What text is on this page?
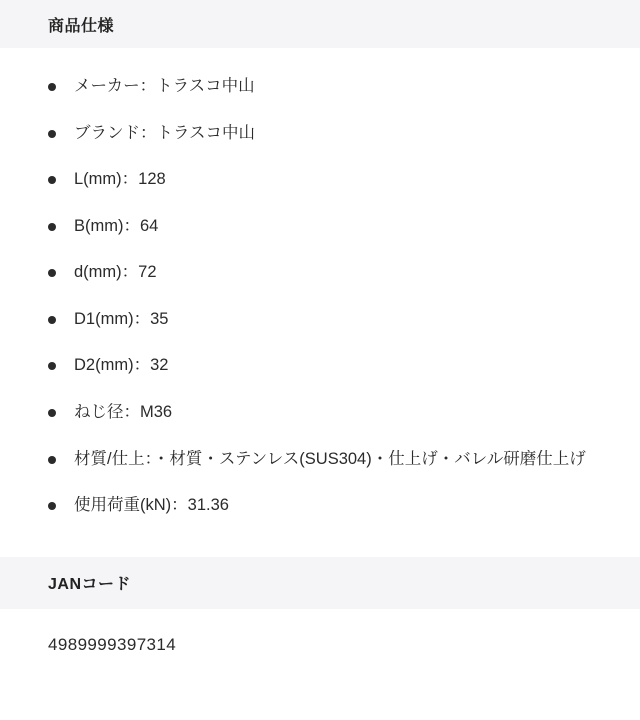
商品仕様
メーカー：トラスコ中山
ブランド：トラスコ中山
L(mm)：128
B(mm)：64
d(mm)：72
D1(mm)：35
D2(mm)：32
ねじ径：M36
材質/仕上：・材質・ステンレス(SUS304)・仕上げ・バレル研磨仕上げ
使用荷重(kN)：31.36
JANコード
4989999397314
